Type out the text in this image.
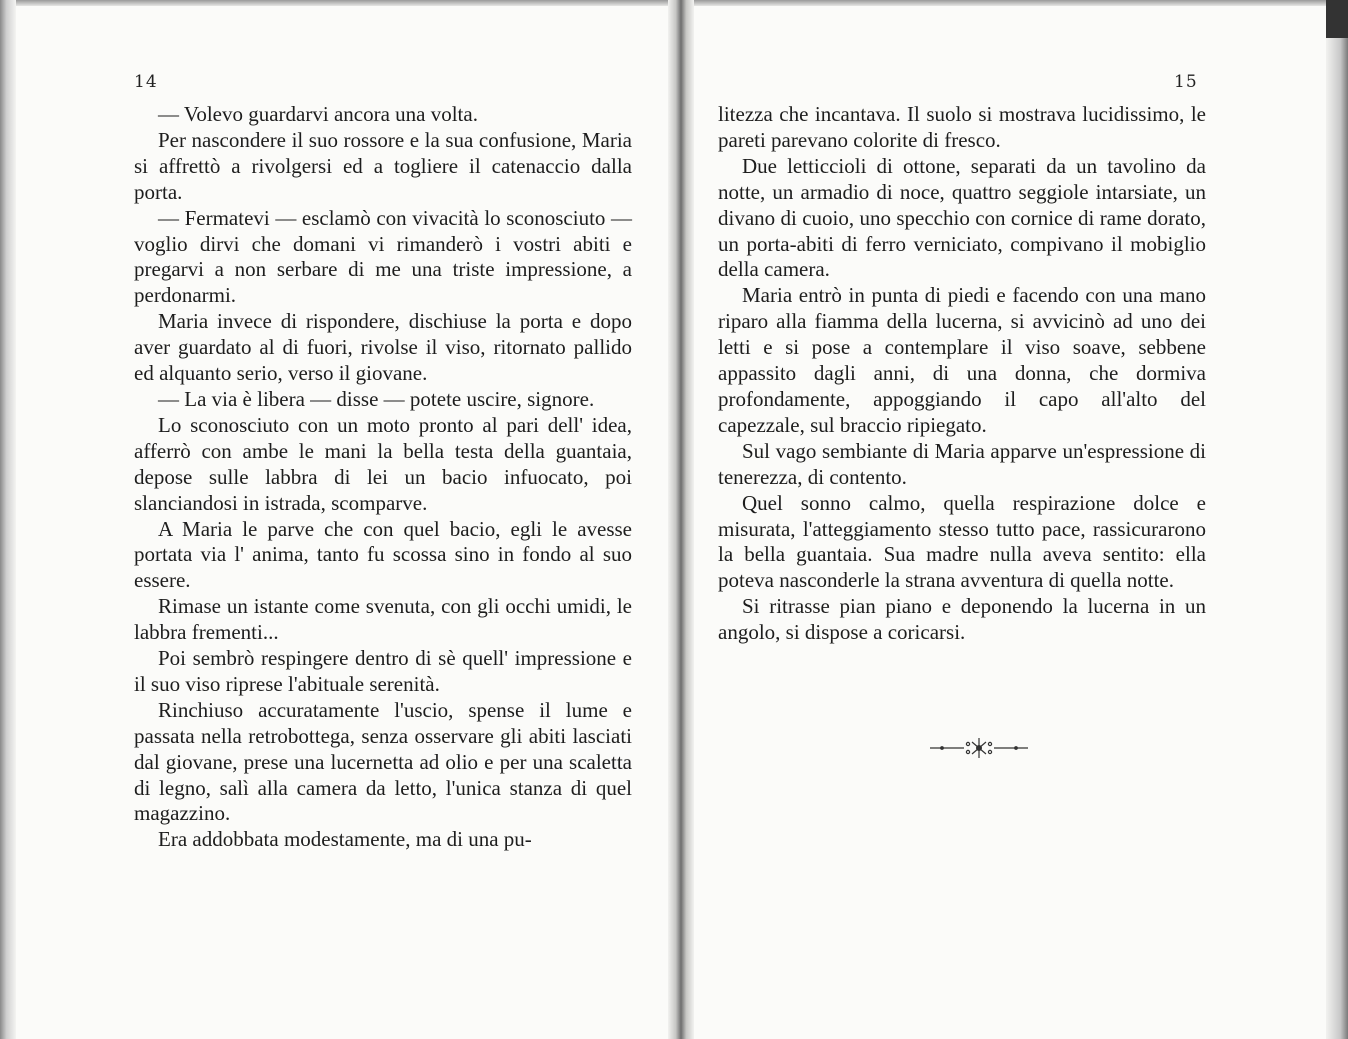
14

— Volevo guardarvi ancora una volta.

Per nascondere il suo rossore e la sua confusione, Maria si affrettò a rivolgersi ed a togliere il catenaccio dalla porta.

— Fermatevi — esclamò con vivacità lo sconosciuto — voglio dirvi che domani vi rimanderò i vostri abiti e pregarvi a non serbare di me una triste impressione, a perdonarmi.

Maria invece di rispondere, dischiuse la porta e dopo aver guardato al di fuori, rivolse il viso, ritornato pallido ed alquanto serio, verso il giovane.

— La via è libera — disse — potete uscire, signore.

Lo sconosciuto con un moto pronto al pari dell' idea, afferrò con ambe le mani la bella testa della guantaia, depose sulle labbra di lei un bacio infuocato, poi slanciandosi in istrada, scomparve.

A Maria le parve che con quel bacio, egli le avesse portata via l' anima, tanto fu scossa sino in fondo al suo essere.

Rimase un istante come svenuta, con gli occhi umidi, le labbra frementi...

Poi sembrò respingere dentro di sè quell' impressione e il suo viso riprese l'abituale serenità.

Rinchiuso accuratamente l'uscio, spense il lume e passata nella retrobottega, senza osservare gli abiti lasciati dal giovane, prese una lucernetta ad olio e per una scaletta di legno, salì alla camera da letto, l'unica stanza di quel magazzino.

Era addobbata modestamente, ma di una pu-

15

litezza che incantava. Il suolo si mostrava lucidissimo, le pareti parevano colorite di fresco.

Due letticcioli di ottone, separati da un tavolino da notte, un armadio di noce, quattro seggiole intarsiate, un divano di cuoio, uno specchio con cornice di rame dorato, un porta-abiti di ferro verniciato, compivano il mobiglio della camera.

Maria entrò in punta di piedi e facendo con una mano riparo alla fiamma della lucerna, si avvicinò ad uno dei letti e si pose a contemplare il viso soave, sebbene appassito dagli anni, di una donna, che dormiva profondamente, appoggiando il capo all'alto del capezzale, sul braccio ripiegato.

Sul vago sembiante di Maria apparve un'espressione di tenerezza, di contento.

Quel sonno calmo, quella respirazione dolce e misurata, l'atteggiamento stesso tutto pace, rassicurarono la bella guantaia. Sua madre nulla aveva sentito: ella poteva nasconderle la strana avventura di quella notte.

Si ritrasse pian piano e deponendo la lucerna in un angolo, si dispose a coricarsi.
